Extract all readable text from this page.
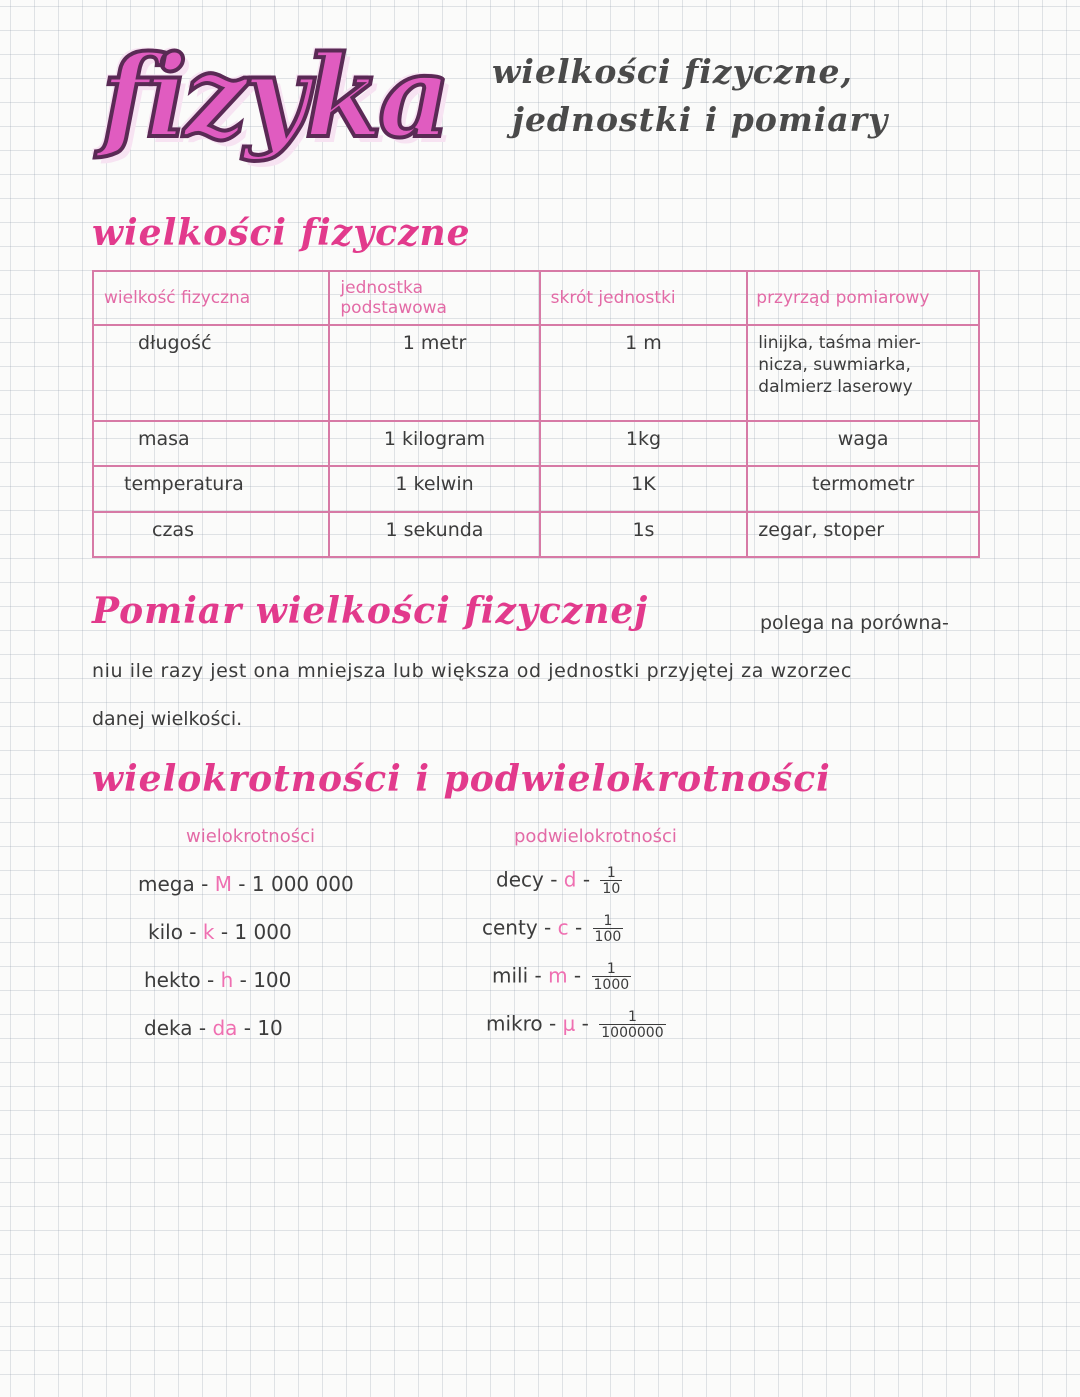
fizyka	wielkości fizyczne,
jednostki i pomiary
wielkości fizyczne
wielkość fizyczna	jednostka podstawowa	skrót jednostki	przyrząd pomiarowy
długość	1 metr	1 m	linijka, taśma mier-
nicza, suwmiarka,
dalmierz laserowy
masa	1 kilogram	1kg	waga
temperatura	1 kelwin	1K	termometr
czas	1 sekunda	1s	zegar, stoper
Pomiar wielkości fizycznej	polega na porówna-
niu ile razy jest ona mniejsza lub większa od jednostki przyjętej za wzorzec
danej wielkości.
wielokrotności i podwielokrotności
wielokrotności	podwielokrotności
mega - M - 1 000 000
kilo - k - 1 000
hekto - h - 100
deka - da - 10
decy - d - $\frac{1}{10}$
centy - c - $\frac{1}{100}$
mili - m - $\frac{1}{1000}$
mikro - μ - $\frac{1}{1000000}$
